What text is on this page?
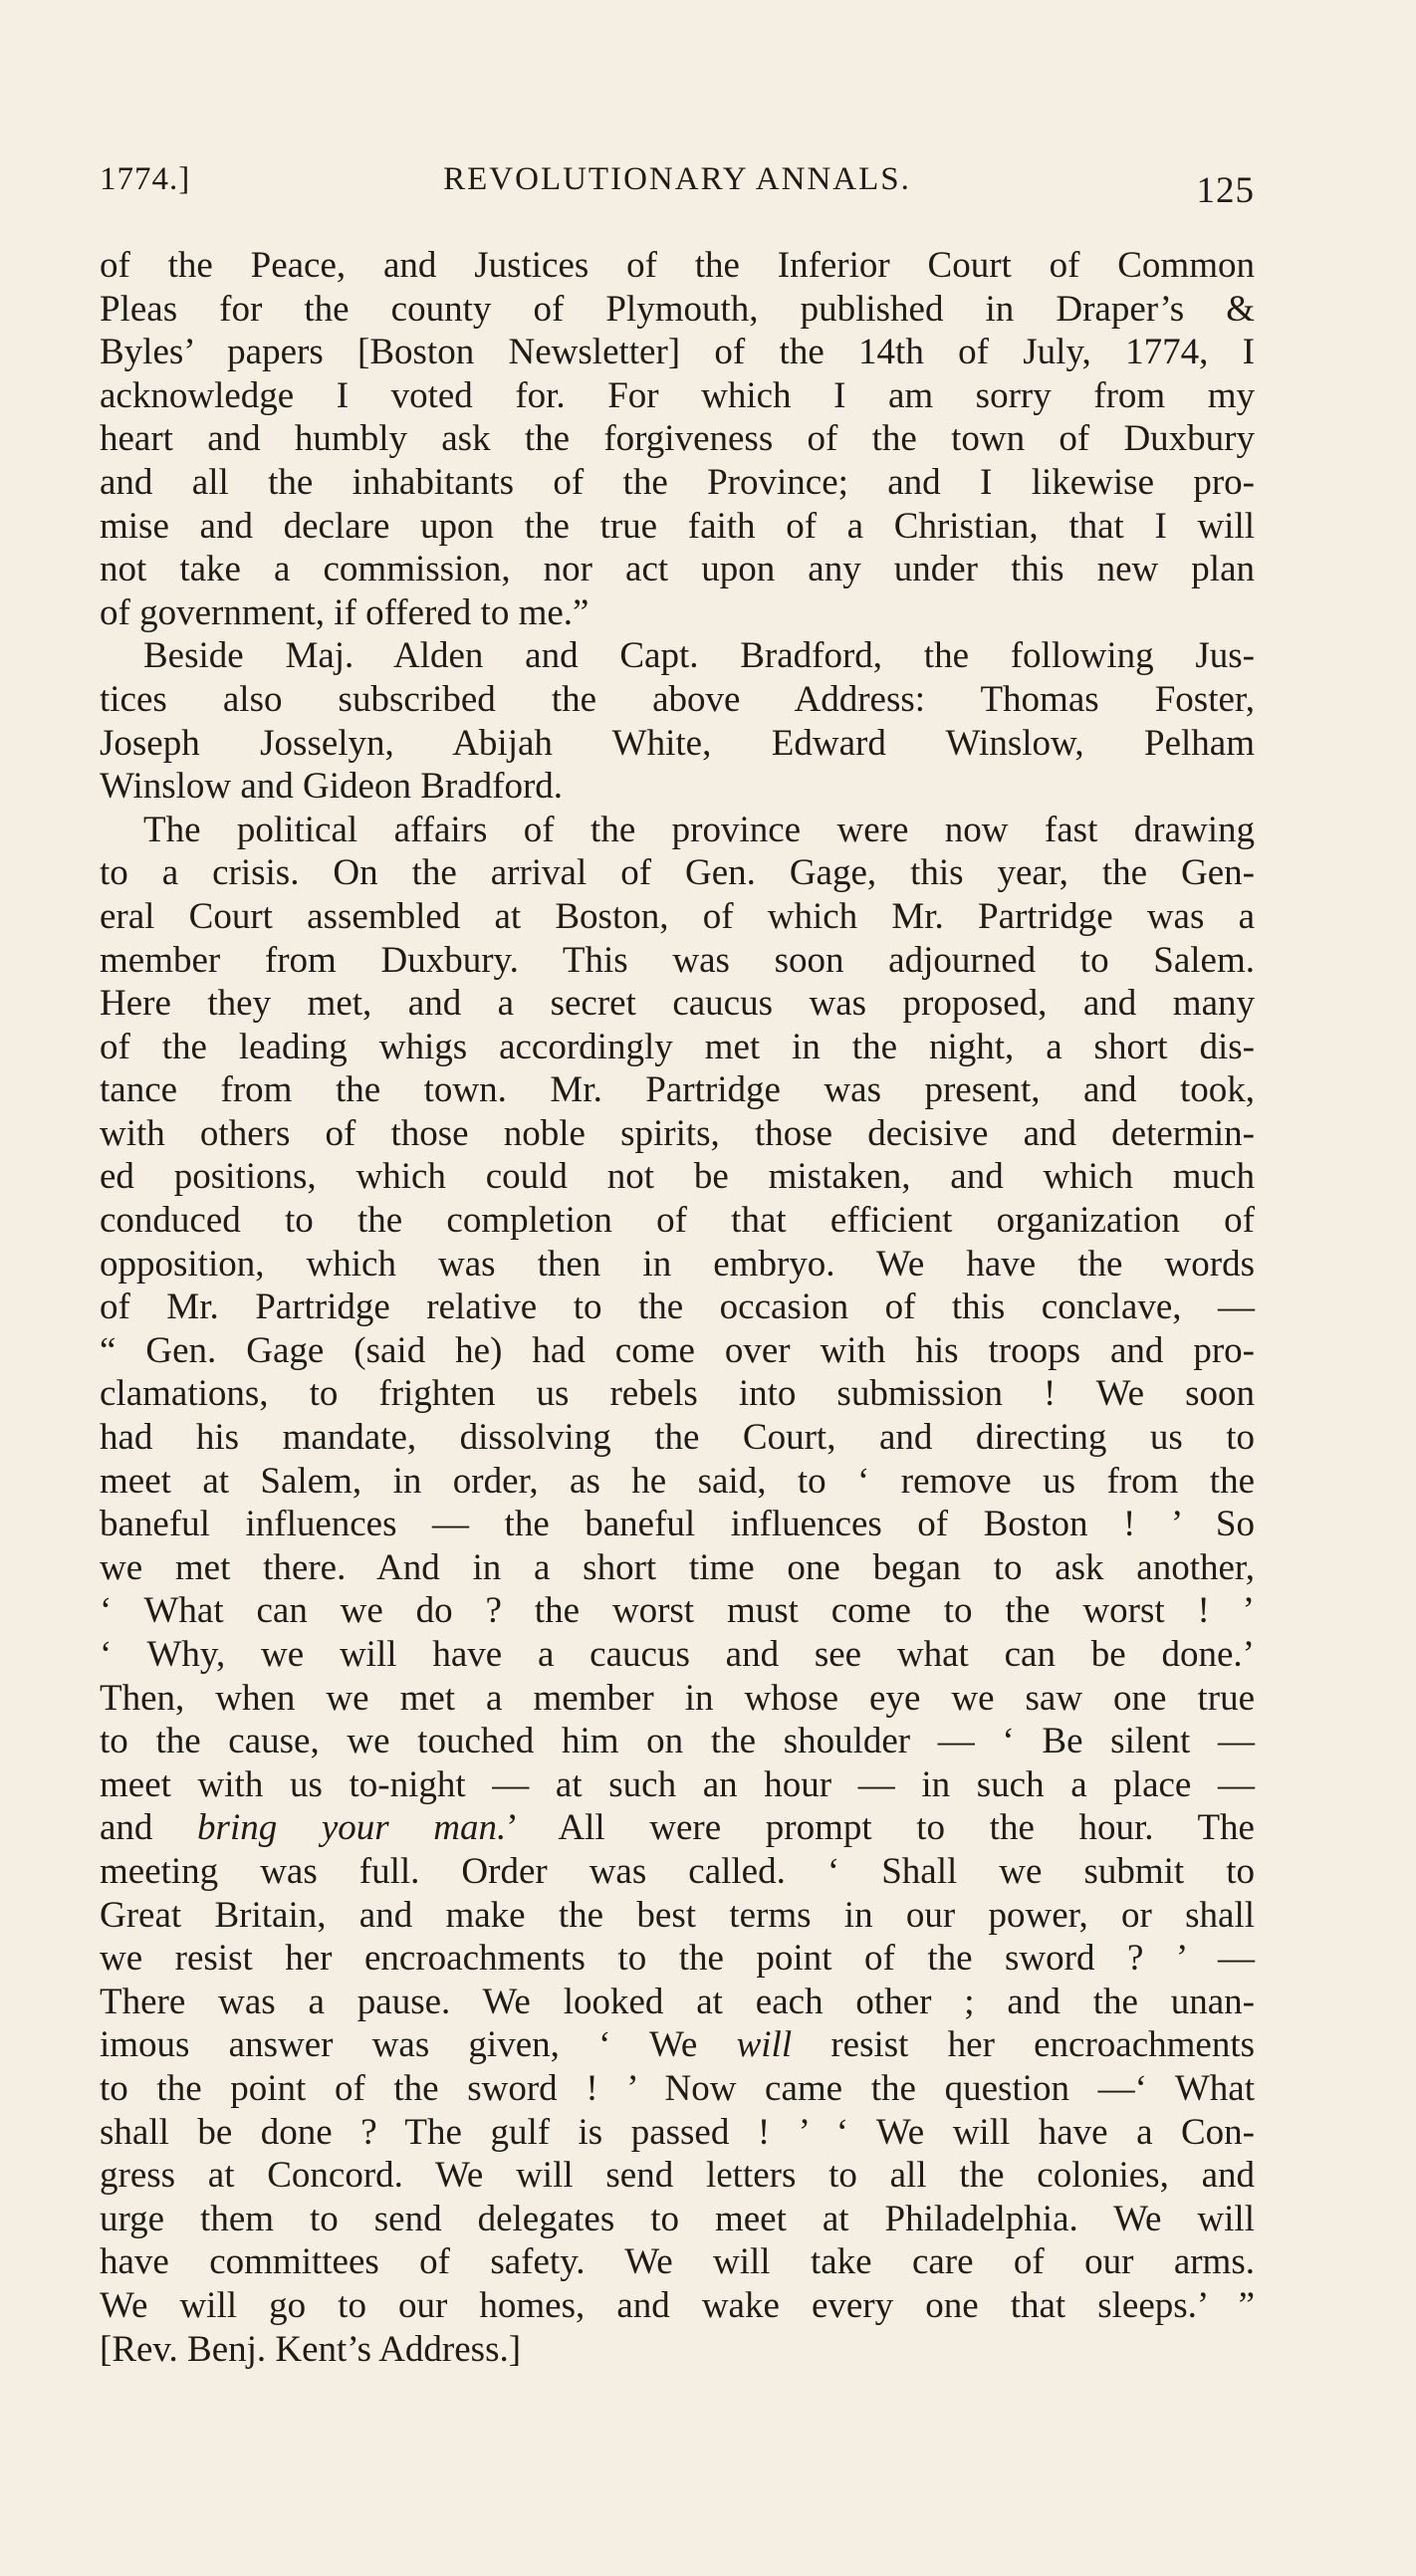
1774.]	REVOLUTIONARY ANNALS.	125
of the Peace, and Justices of the Inferior Court of Common
Pleas for the county of Plymouth, published in Draper’s &
Byles’ papers [Boston Newsletter] of the 14th of July, 1774, I
acknowledge I voted for. For which I am sorry from my
heart and humbly ask the forgiveness of the town of Duxbury
and all the inhabitants of the Province; and I likewise pro-
mise and declare upon the true faith of a Christian, that I will
not take a commission, nor act upon any under this new plan
of government, if offered to me.”
Beside Maj. Alden and Capt. Bradford, the following Jus-
tices also subscribed the above Address: Thomas Foster,
Joseph Josselyn, Abijah White, Edward Winslow, Pelham
Winslow and Gideon Bradford.
The political affairs of the province were now fast drawing
to a crisis. On the arrival of Gen. Gage, this year, the Gen-
eral Court assembled at Boston, of which Mr. Partridge was a
member from Duxbury. This was soon adjourned to Salem.
Here they met, and a secret caucus was proposed, and many
of the leading whigs accordingly met in the night, a short dis-
tance from the town. Mr. Partridge was present, and took,
with others of those noble spirits, those decisive and determin-
ed positions, which could not be mistaken, and which much
conduced to the completion of that efficient organization of
opposition, which was then in embryo. We have the words
of Mr. Partridge relative to the occasion of this conclave, —
“ Gen. Gage (said he) had come over with his troops and pro-
clamations, to frighten us rebels into submission ! We soon
had his mandate, dissolving the Court, and directing us to
meet at Salem, in order, as he said, to ‘ remove us from the
baneful influences — the baneful influences of Boston ! ’ So
we met there. And in a short time one began to ask another,
‘ What can we do ? the worst must come to the worst ! ’
‘ Why, we will have a caucus and see what can be done.’
Then, when we met a member in whose eye we saw one true
to the cause, we touched him on the shoulder — ‘ Be silent —
meet with us to-night — at such an hour — in such a place —
and bring your man.’ All were prompt to the hour. The
meeting was full. Order was called. ‘ Shall we submit to
Great Britain, and make the best terms in our power, or shall
we resist her encroachments to the point of the sword ? ’ —
There was a pause. We looked at each other ; and the unan-
imous answer was given, ‘ We will resist her encroachments
to the point of the sword ! ’ Now came the question —‘ What
shall be done ? The gulf is passed ! ’ ‘ We will have a Con-
gress at Concord. We will send letters to all the colonies, and
urge them to send delegates to meet at Philadelphia. We will
have committees of safety. We will take care of our arms.
We will go to our homes, and wake every one that sleeps.’ ”
[Rev. Benj. Kent’s Address.]
